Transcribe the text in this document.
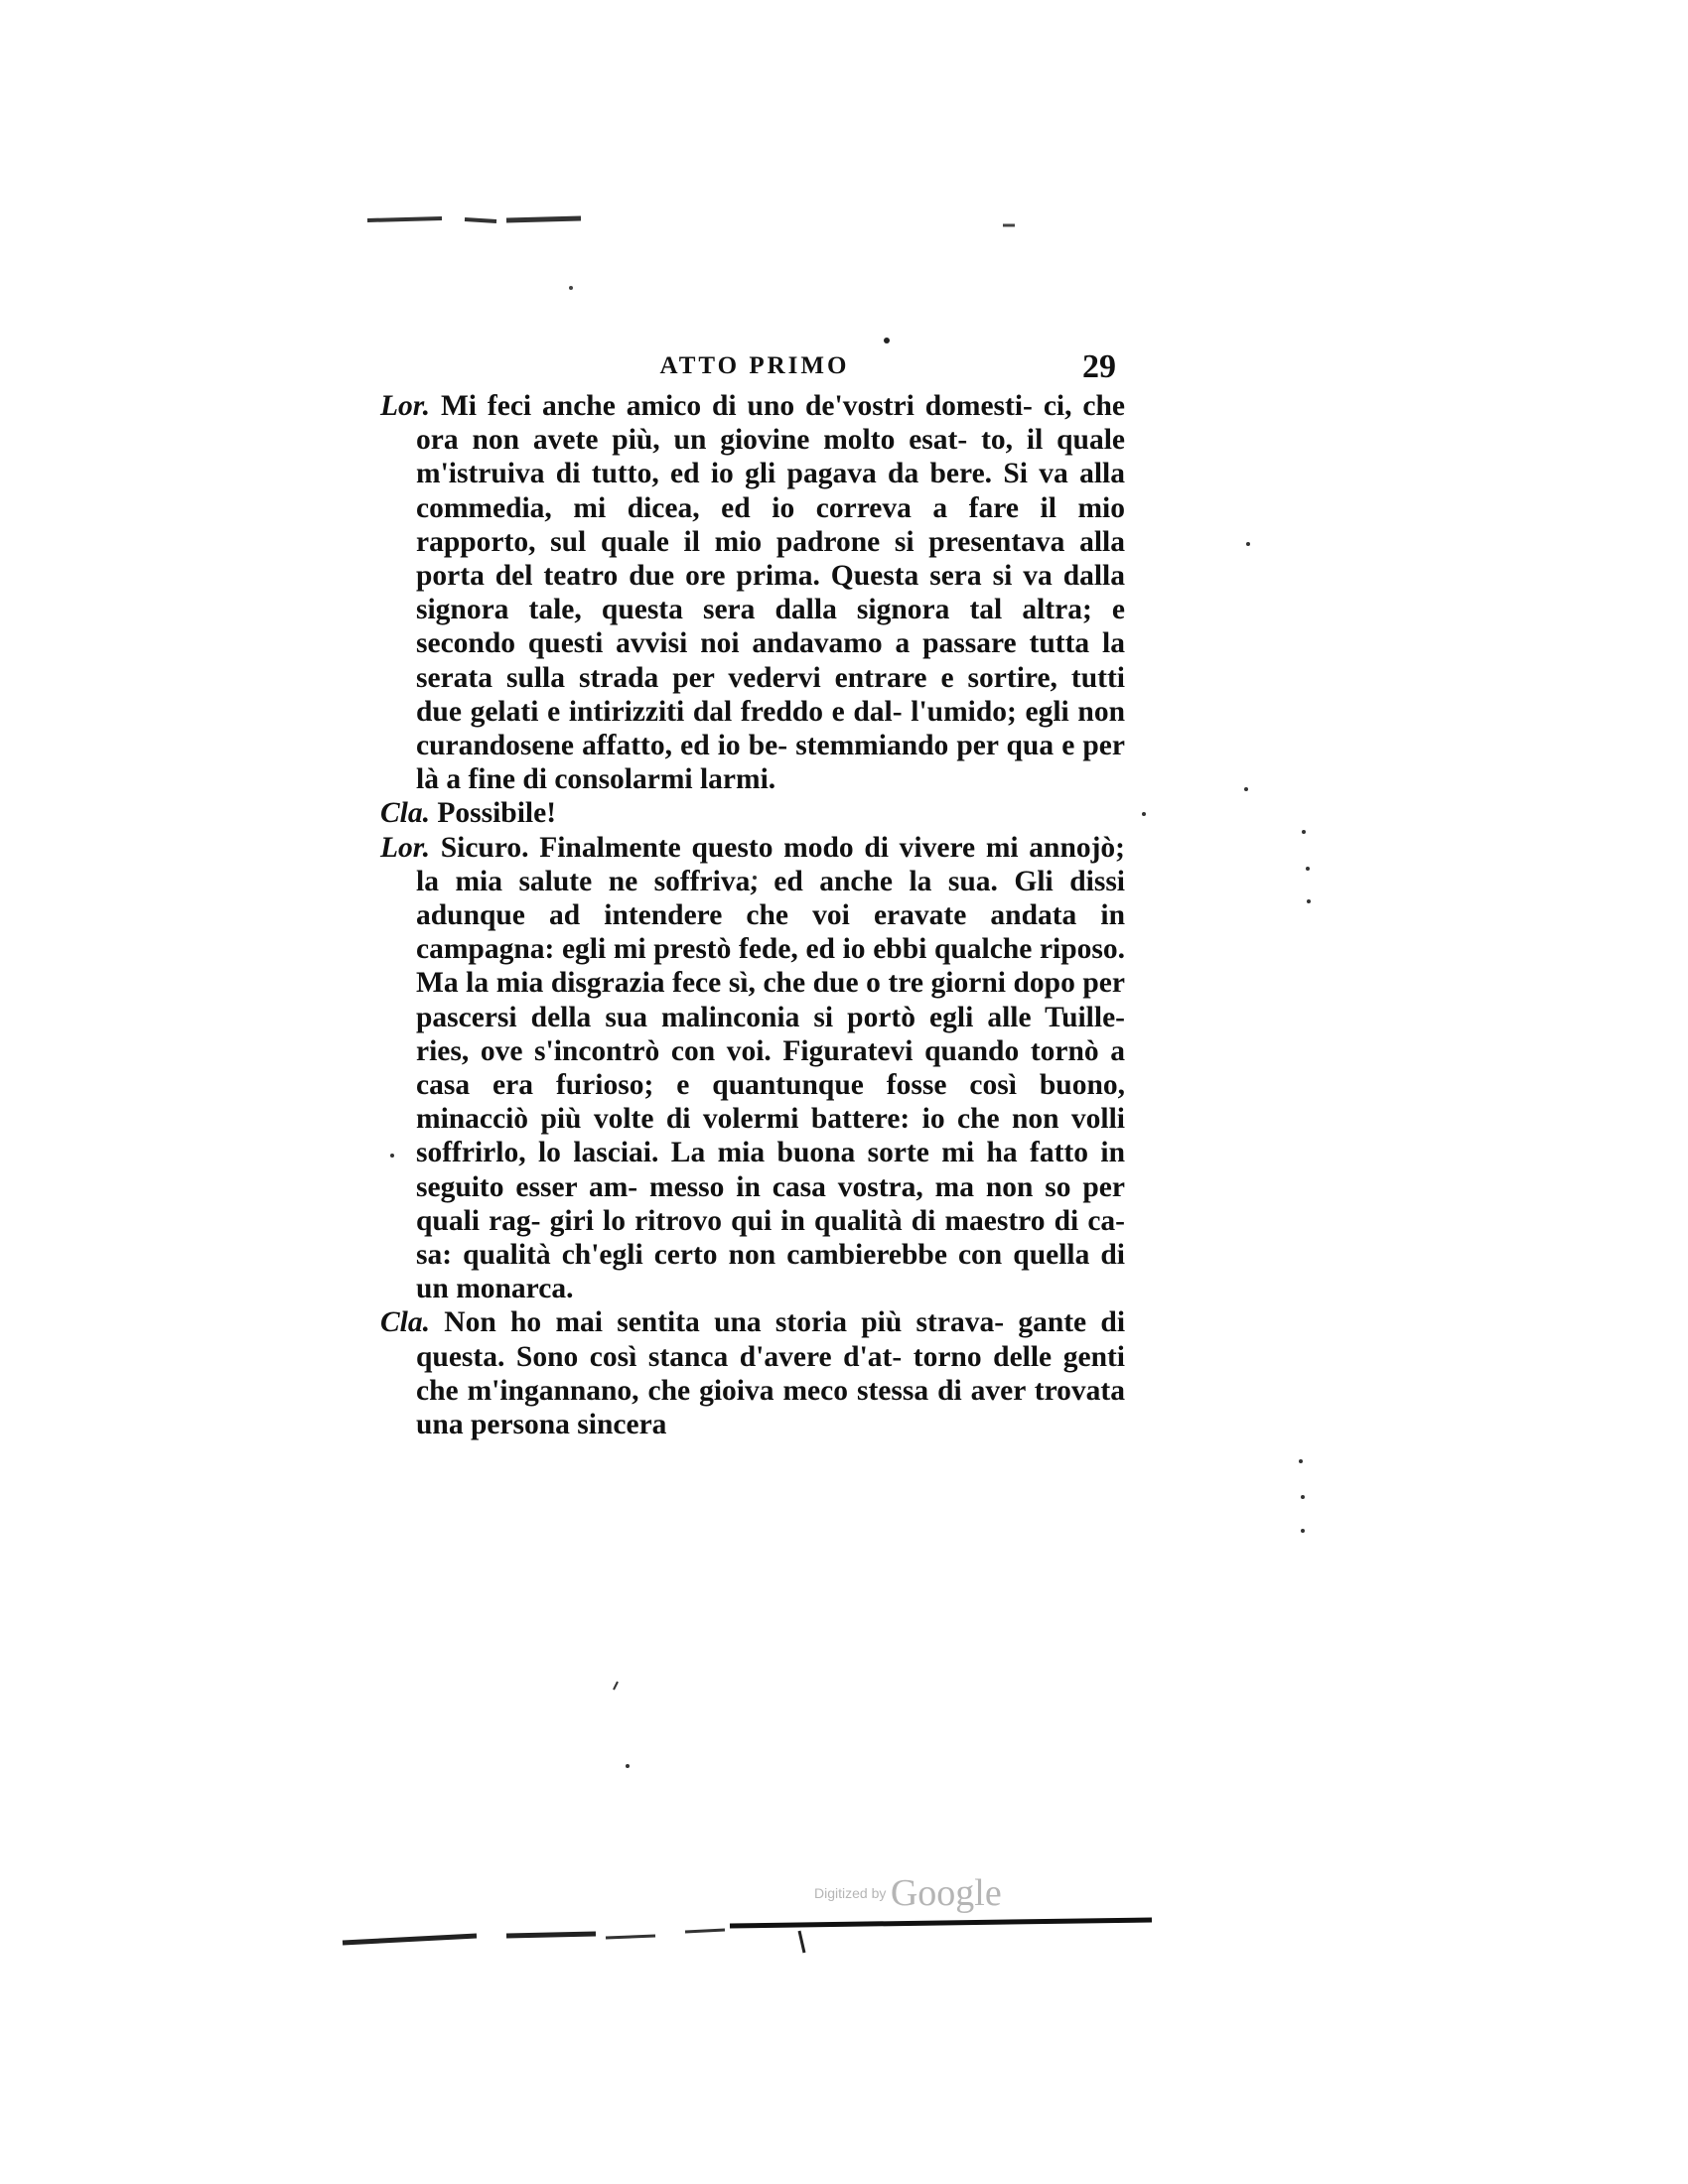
ATTO PRIMO	29

Lor. Mi feci anche amico di uno de'vostri domesti- ci, che ora non avete più, un giovine molto esat- to, il quale m'istruiva di tutto, ed io gli pagava da bere. Si va alla commedia, mi dicea, ed io correva a fare il mio rapporto, sul quale il mio padrone si presentava alla porta del teatro due ore prima. Questa sera si va dalla signora tale, questa sera dalla signora tal altra; e secondo questi avvisi noi andavamo a passare tutta la serata sulla strada per vedervi entrare e sortire, tutti due gelati e intirizziti dal freddo e dal- l'umido; egli non curandosene affatto, ed io be- stemmiando per qua e per là a fine di consolarmi larmi.

Cla. Possibile!

Lor. Sicuro. Finalmente questo modo di vivere mi annojò; la mia salute ne soffriva, ed anche la sua. Gli dissi adunque ad intendere che voi eravate andata in campagna: egli mi prestò fede, ed io ebbi qualche riposo. Ma la mia disgrazia fece sì, che due o tre giorni dopo per pascersi della sua malinconia si portò egli alle Tuille- ries, ove s'incontrò con voi. Figuratevi quando tornò a casa era furioso; e quantunque fosse così buono, minacciò più volte di volermi battere: io che non volli soffrirlo, lo lasciai. La mia buona sorte mi ha fatto in seguito esser am- messo in casa vostra, ma non so per quali rag- giri lo ritrovo qui in qualità di maestro di ca- sa: qualità ch'egli certo non cambierebbe con quella di un monarca.

Cla. Non ho mai sentita una storia più strava- gante di questa. Sono così stanca d'avere d'at- torno delle genti che m'ingannano, che gioiva meco stessa di aver trovata una persona sincera

Digitized by Google
